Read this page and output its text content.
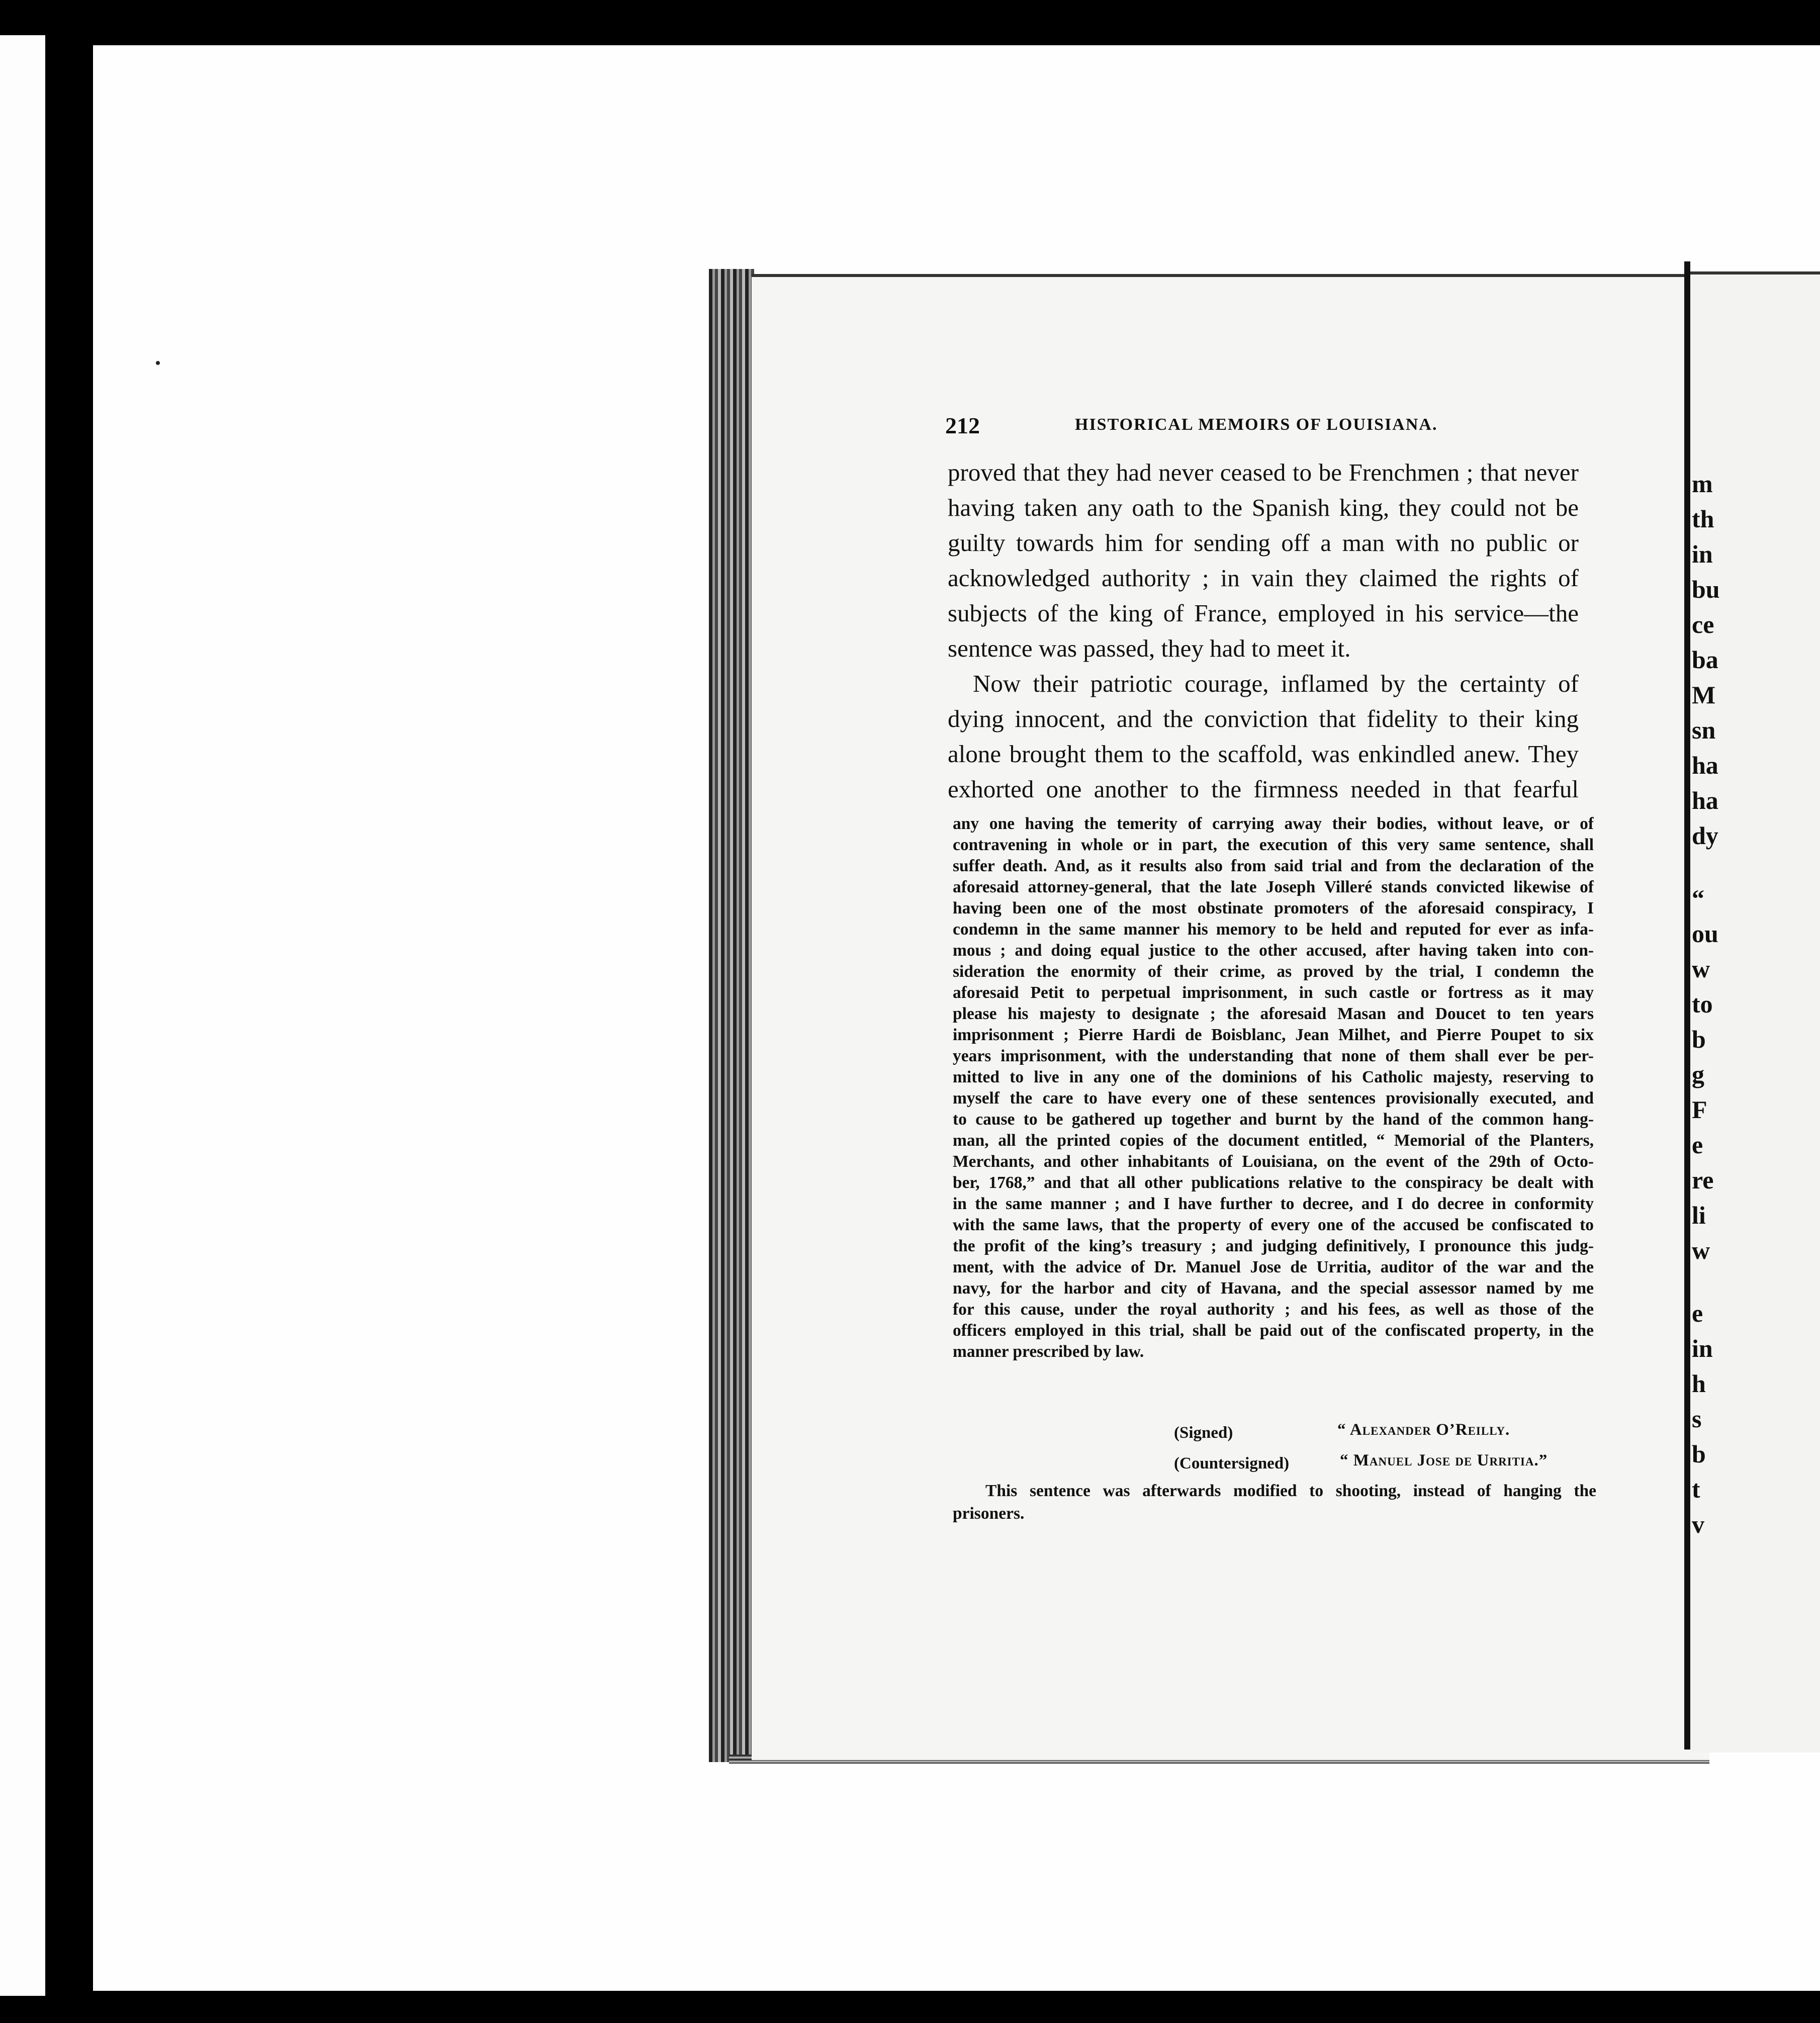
m
th
in
bu
ce
ba
M
sn
ha
ha
dy
“
ou
w
to
b
g
F
e
re
li
w
e
in
h
s
b
t
v
212	HISTORICAL MEMOIRS OF LOUISIANA.
proved that they had never ceased to be Frenchmen ; that never
having taken any oath to the Spanish king, they could not be
guilty towards him for sending off a man with no public or
acknowledged authority ; in vain they claimed the rights of
subjects of the king of France, employed in his service—the
sentence was passed, they had to meet it.
Now their patriotic courage, inflamed by the certainty of
dying innocent, and the conviction that fidelity to their king
alone brought them to the scaffold, was enkindled anew. They
exhorted one another to the firmness needed in that fearful
any one having the temerity of carrying away their bodies, without leave, or of
contravening in whole or in part, the execution of this very same sentence, shall
suffer death. And, as it results also from said trial and from the declaration of the
aforesaid attorney-general, that the late Joseph Villeré stands convicted likewise of
having been one of the most obstinate promoters of the aforesaid conspiracy, I
condemn in the same manner his memory to be held and reputed for ever as infa-
mous ; and doing equal justice to the other accused, after having taken into con-
sideration the enormity of their crime, as proved by the trial, I condemn the
aforesaid Petit to perpetual imprisonment, in such castle or fortress as it may
please his majesty to designate ; the aforesaid Masan and Doucet to ten years
imprisonment ; Pierre Hardi de Boisblanc, Jean Milhet, and Pierre Poupet to six
years imprisonment, with the understanding that none of them shall ever be per-
mitted to live in any one of the dominions of his Catholic majesty, reserving to
myself the care to have every one of these sentences provisionally executed, and
to cause to be gathered up together and burnt by the hand of the common hang-
man, all the printed copies of the document entitled, “ Memorial of the Planters,
Merchants, and other inhabitants of Louisiana, on the event of the 29th of Octo-
ber, 1768,” and that all other publications relative to the conspiracy be dealt with
in the same manner ; and I have further to decree, and I do decree in conformity
with the same laws, that the property of every one of the accused be confiscated to
the profit of the king’s treasury ; and judging definitively, I pronounce this judg-
ment, with the advice of Dr. Manuel Jose de Urritia, auditor of the war and the
navy, for the harbor and city of Havana, and the special assessor named by me
for this cause, under the royal authority ; and his fees, as well as those of the
officers employed in this trial, shall be paid out of the confiscated property, in the
manner prescribed by law.
(Signed)	“ Alexander O’Reilly.
(Countersigned)	“ Manuel Jose de Urritia.”
This sentence was afterwards modified to shooting, instead of hanging the
prisoners.
